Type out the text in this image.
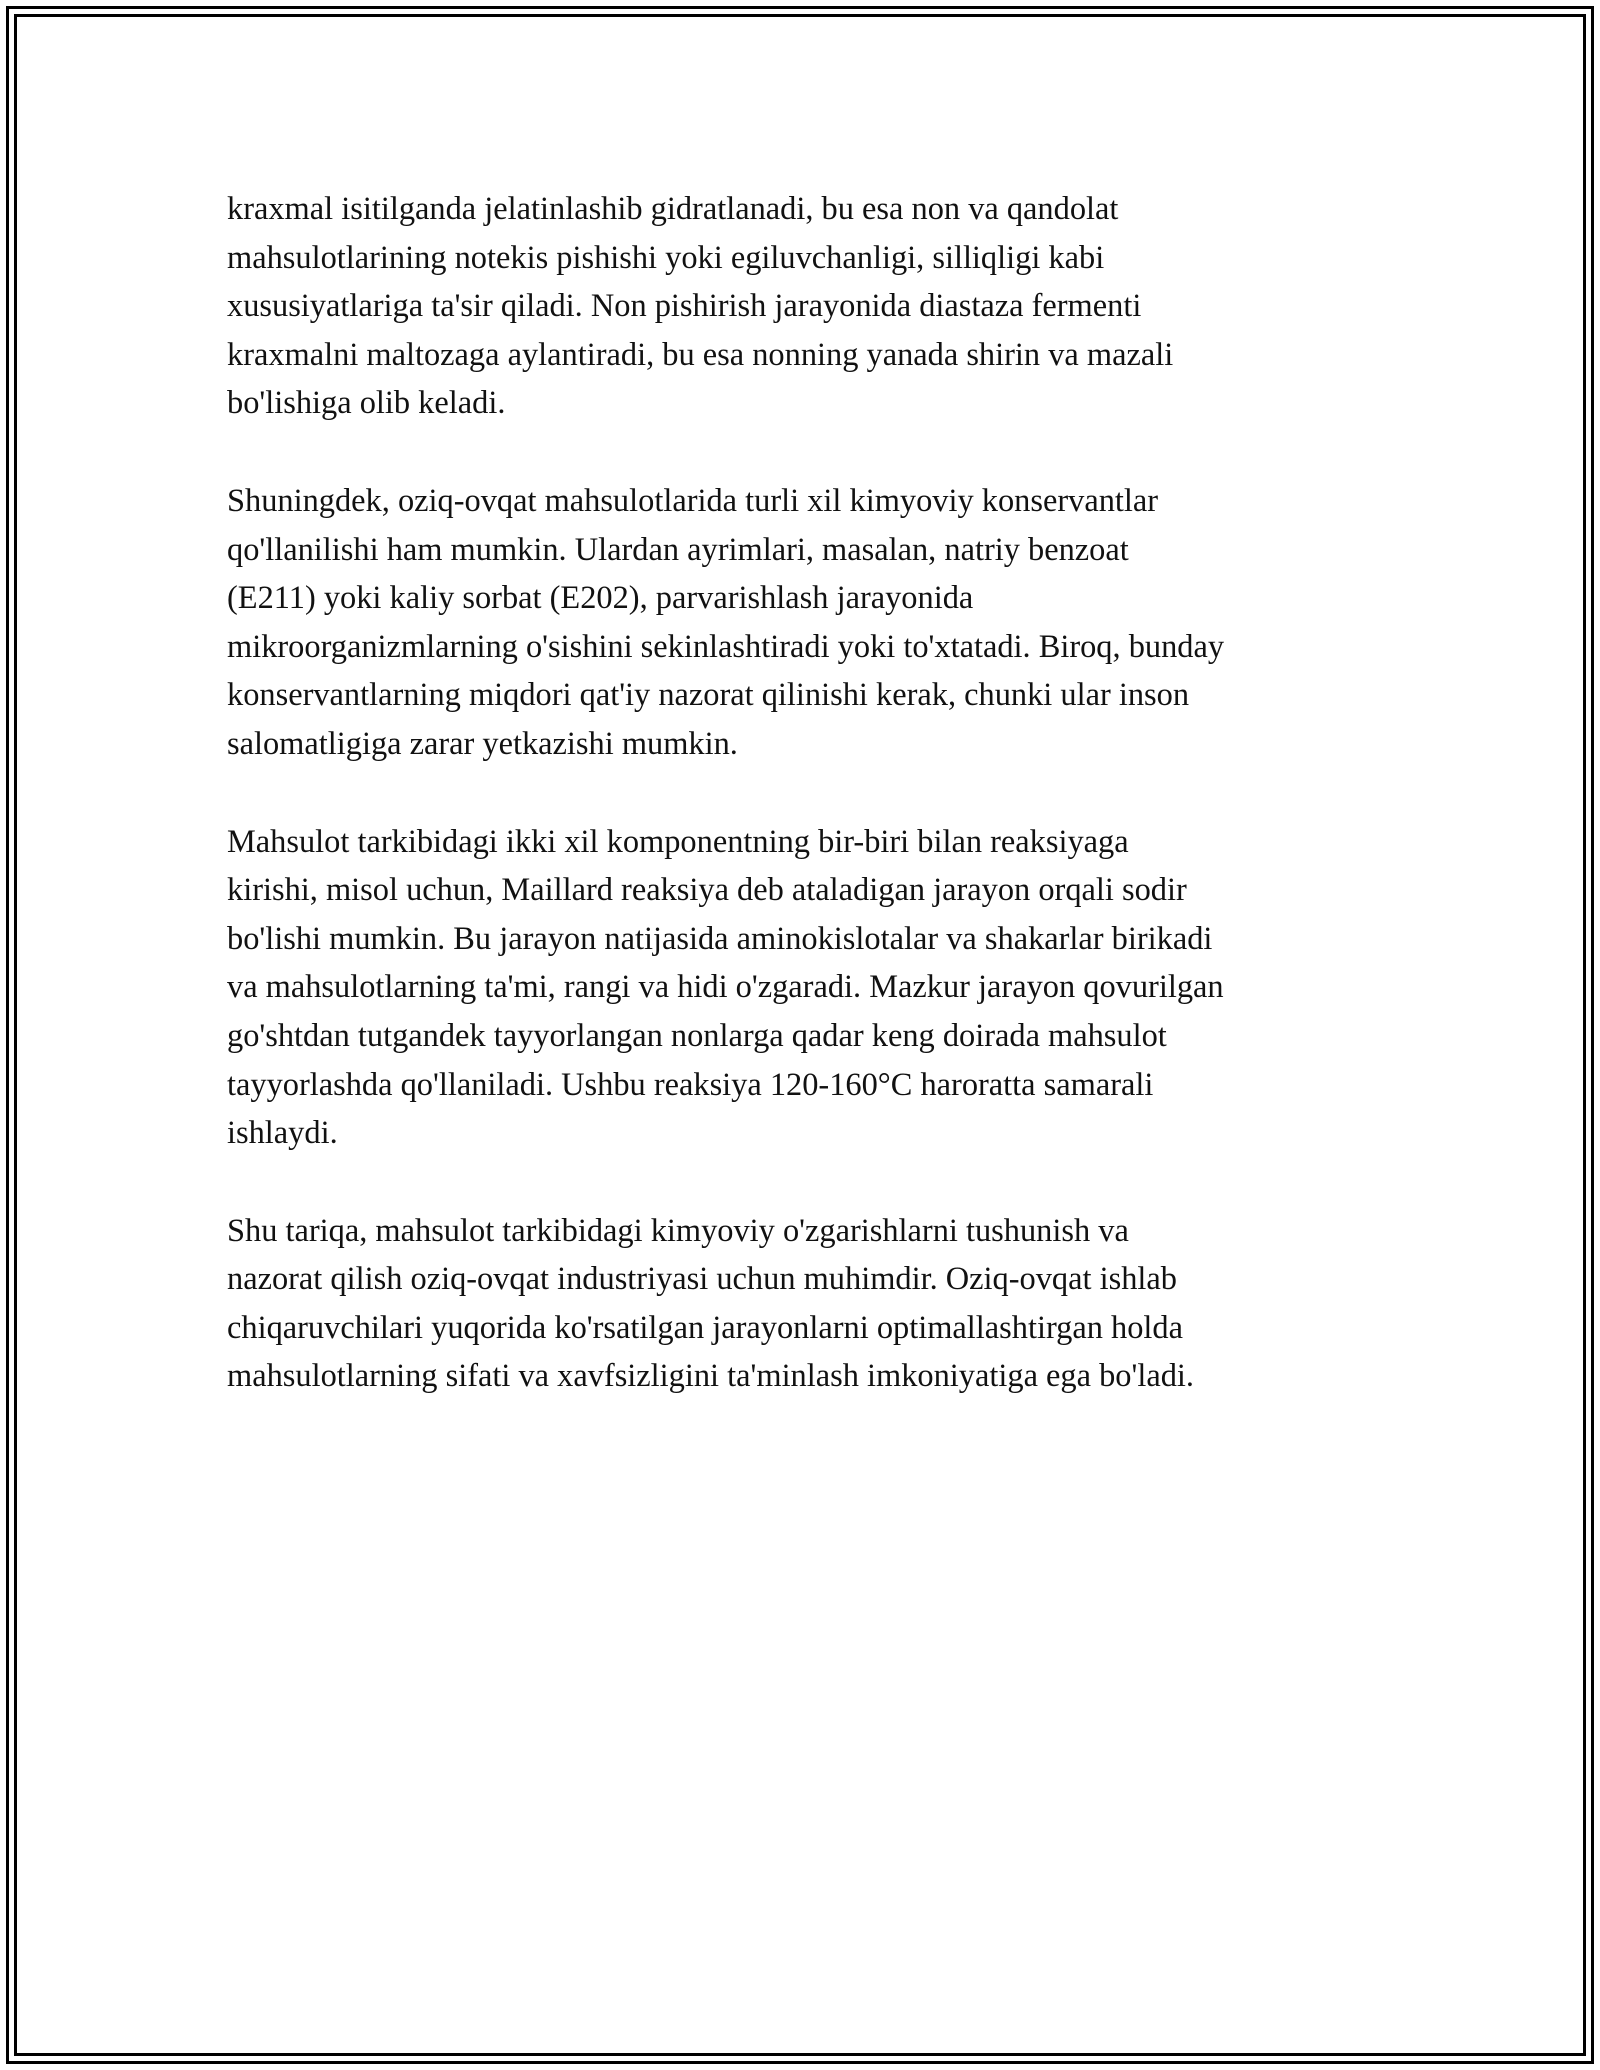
kraxmal isitilganda jelatinlashib gidratlanadi, bu esa non va qandolat
mahsulotlarining notekis pishishi yoki egiluvchanligi, silliqligi kabi
xususiyatlariga ta'sir qiladi. Non pishirish jarayonida diastaza fermenti
kraxmalni maltozaga aylantiradi, bu esa nonning yanada shirin va mazali
bo'lishiga olib keladi.

Shuningdek, oziq-ovqat mahsulotlarida turli xil kimyoviy konservantlar
qo'llanilishi ham mumkin. Ulardan ayrimlari, masalan, natriy benzoat
(E211) yoki kaliy sorbat (E202), parvarishlash jarayonida
mikroorganizmlarning o'sishini sekinlashtiradi yoki to'xtatadi. Biroq, bunday
konservantlarning miqdori qat'iy nazorat qilinishi kerak, chunki ular inson
salomatligiga zarar yetkazishi mumkin.

Mahsulot tarkibidagi ikki xil komponentning bir-biri bilan reaksiyaga
kirishi, misol uchun, Maillard reaksiya deb ataladigan jarayon orqali sodir
bo'lishi mumkin. Bu jarayon natijasida aminokislotalar va shakarlar birikadi
va mahsulotlarning ta'mi, rangi va hidi o'zgaradi. Mazkur jarayon qovurilgan
go'shtdan tutgandek tayyorlangan nonlarga qadar keng doirada mahsulot
tayyorlashda qo'llaniladi. Ushbu reaksiya 120-160°C haroratta samarali
ishlaydi.

Shu tariqa, mahsulot tarkibidagi kimyoviy o'zgarishlarni tushunish va
nazorat qilish oziq-ovqat industriyasi uchun muhimdir. Oziq-ovqat ishlab
chiqaruvchilari yuqorida ko'rsatilgan jarayonlarni optimallashtirgan holda
mahsulotlarning sifati va xavfsizligini ta'minlash imkoniyatiga ega bo'ladi.
